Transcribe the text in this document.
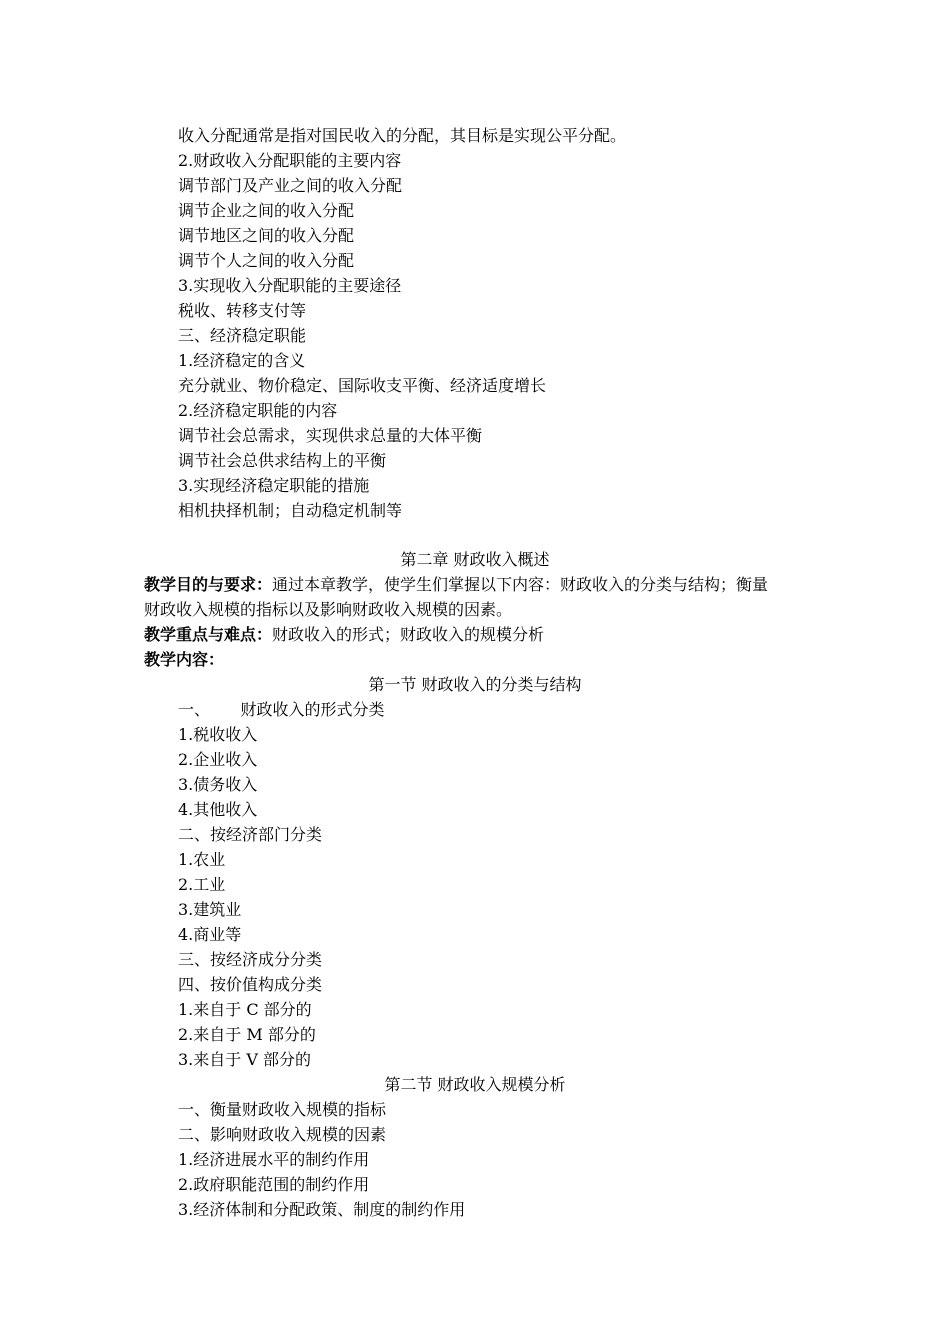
收入分配通常是指对国民收入的分配，其目标是实现公平分配。
2.财政收入分配职能的主要内容
调节部门及产业之间的收入分配
调节企业之间的收入分配
调节地区之间的收入分配
调节个人之间的收入分配
3.实现收入分配职能的主要途径
税收、转移支付等
三、经济稳定职能
1.经济稳定的含义
充分就业、物价稳定、国际收支平衡、经济适度增长
2.经济稳定职能的内容
调节社会总需求，实现供求总量的大体平衡
调节社会总供求结构上的平衡
3.实现经济稳定职能的措施
相机抉择机制；自动稳定机制等
第二章 财政收入概述
教学目的与要求：通过本章教学，使学生们掌握以下内容：财政收入的分类与结构；衡量
财政收入规模的指标以及影响财政收入规模的因素。
教学重点与难点：财政收入的形式；财政收入的规模分析
教学内容：
第一节 财政收入的分类与结构
一、      财政收入的形式分类
1.税收收入
2.企业收入
3.债务收入
4.其他收入
二、按经济部门分类
1.农业
2.工业
3.建筑业
4.商业等
三、按经济成分分类
四、按价值构成分类
1.来自于 C 部分的
2.来自于 M 部分的
3.来自于 V 部分的
第二节 财政收入规模分析
一、衡量财政收入规模的指标
二、影响财政收入规模的因素
1.经济进展水平的制约作用
2.政府职能范围的制约作用
3.经济体制和分配政策、制度的制约作用
